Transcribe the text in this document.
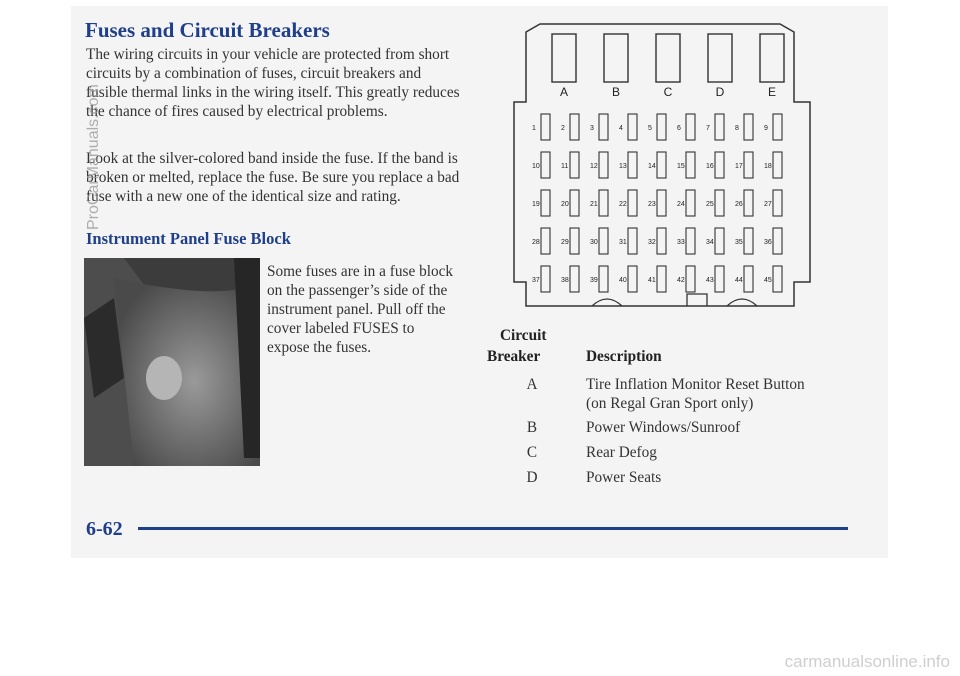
Fuses and Circuit Breakers

The wiring circuits in your vehicle are protected from short circuits by a combination of fuses, circuit breakers and fusible thermal links in the wiring itself. This greatly reduces the chance of fires caused by electrical problems.

Look at the silver-colored band inside the fuse. If the band is broken or melted, replace the fuse. Be sure you replace a bad fuse with a new one of the identical size and rating.

Instrument Panel Fuse Block

Some fuses are in a fuse block on the passenger’s side of the instrument panel. Pull off the cover labeled FUSES to expose the fuses.

A	B	C	D	E
1	2	3	4	5	6	7	8	9
10	11	12	13	14	15	16	17	18
19	20	21	22	23	24	25	26	27
28	29	30	31	32	33	34	35	36
37	38	39	40	41	42	43	44	45
Circuit
Breaker	Description
A	Tire Inflation Monitor Reset Button
(on Regal Gran Sport only)
B	Power Windows/Sunroof
C	Rear Defog
D	Power Seats
6-62
ProCarManuals.com
carmanualsonline.info
